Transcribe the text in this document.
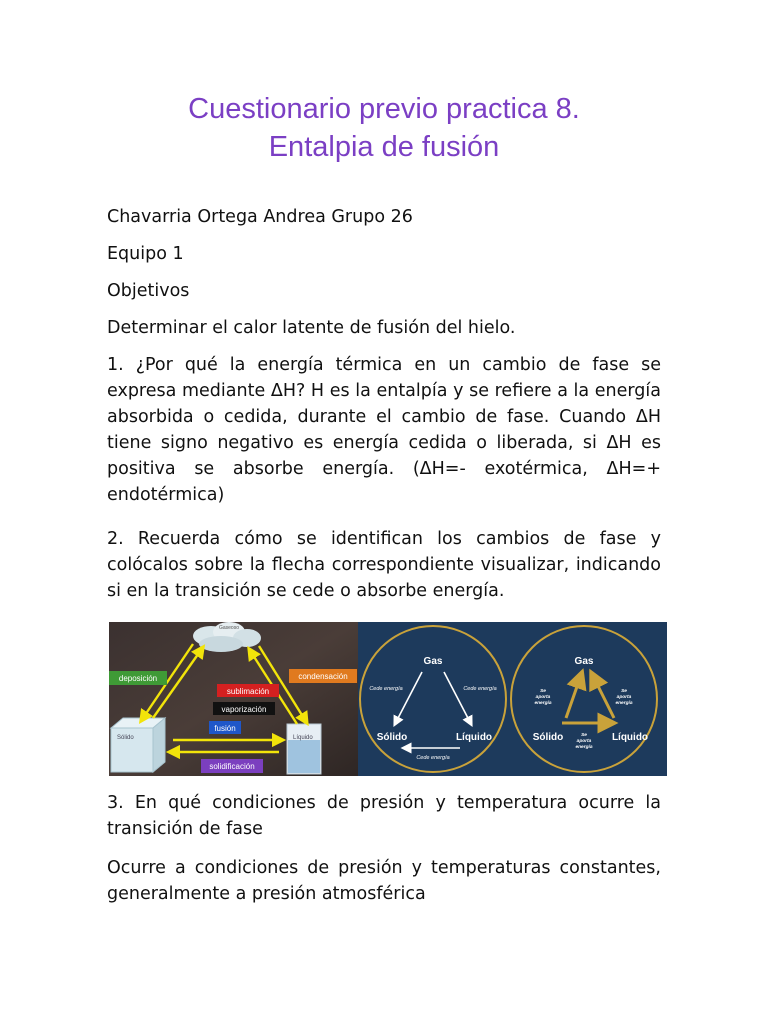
Cuestionario previo practica 8.
Entalpia de fusión
Chavarria Ortega Andrea Grupo 26
Equipo 1
Objetivos
Determinar el calor latente de fusión del hielo.
1. ¿Por qué la energía térmica en un cambio de fase se expresa mediante ΔH? H es la entalpía y se refiere a la energía absorbida o cedida, durante el cambio de fase. Cuando ΔH tiene signo negativo es energía cedida o liberada, si ΔH es positiva se absorbe energía. (ΔH=- exotérmica, ΔH=+ endotérmica)
2. Recuerda cómo se identifican los cambios de fase y colócalos sobre la flecha correspondiente visualizar, indicando si en la transición se cede o absorbe energía.
Gaseoso
Sólido	Líquido
deposición	condensación
sublimación
vaporización
fusión
solidificación
Gas
Sólido	Líquido
Cede energía	Cede energía
Cede energía
Gas
Sólido	Líquido
Se
aporta
energía
Se
aporta
energía
Se
aporta
energía
3. En qué condiciones de presión y temperatura ocurre la transición de fase
Ocurre a condiciones de presión y temperaturas constantes, generalmente a presión atmosférica
